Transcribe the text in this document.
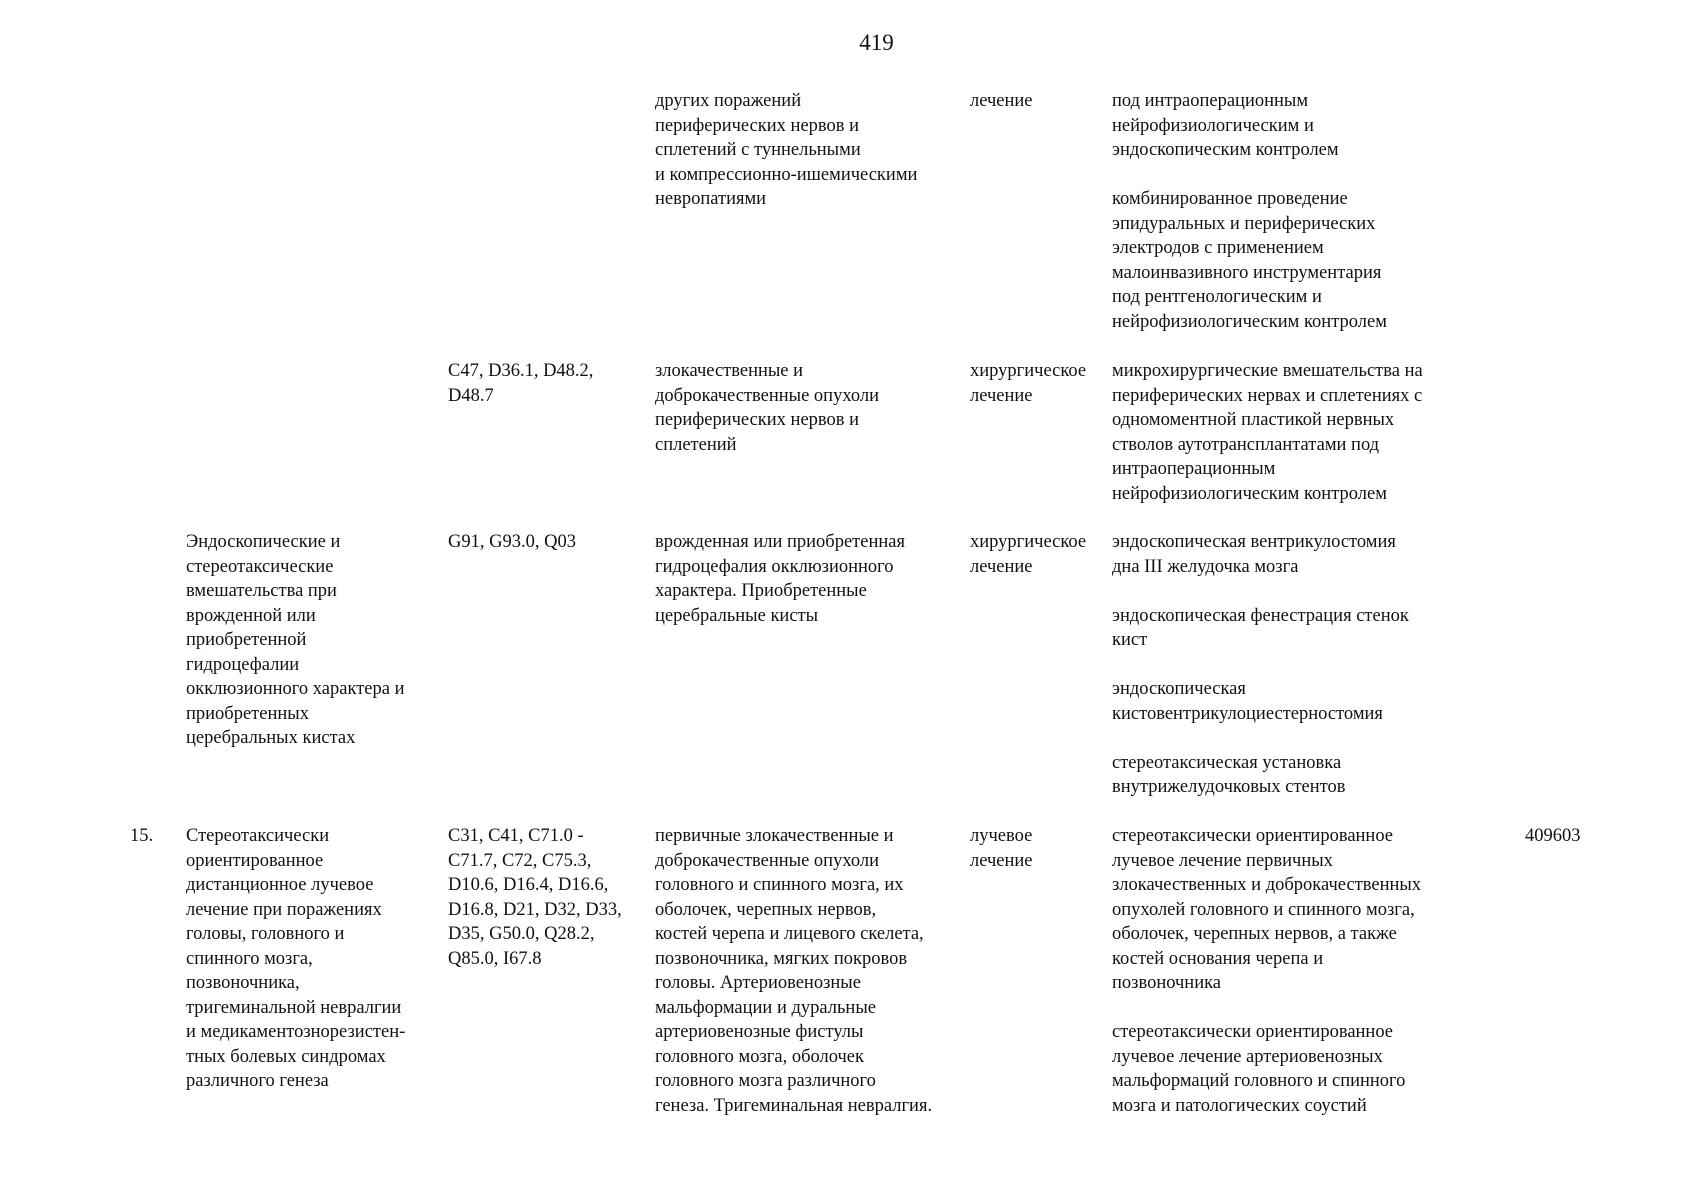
419
других поражений
периферических нервов и
сплетений с туннельными
и компрессионно-ишемическими
невропатиями
лечение	под интраоперационным
нейрофизиологическим и
эндоскопическим контролем
комбинированное проведение
эпидуральных и периферических
электродов с применением
малоинвазивного инструментария
под рентгенологическим и
нейрофизиологическим контролем
C47, D36.1, D48.2,
D48.7
злокачественные и
доброкачественные опухоли
периферических нервов и
сплетений
хирургическое
лечение
микрохирургические вмешательства на
периферических нервах и сплетениях с
одномоментной пластикой нервных
стволов аутотрансплантатами под
интраоперационным
нейрофизиологическим контролем
Эндоскопические и
стереотаксические
вмешательства при
врожденной или
приобретенной
гидроцефалии
окклюзионного характера и
приобретенных
церебральных кистах
G91, G93.0, Q03	врожденная или приобретенная
гидроцефалия окклюзионного
характера. Приобретенные
церебральные кисты
хирургическое
лечение
эндоскопическая вентрикулостомия
дна III желудочка мозга
эндоскопическая фенестрация стенок
кист
эндоскопическая
кистовентрикулоциестерностомия
стереотаксическая установка
внутрижелудочковых стентов
15. Стереотаксически
ориентированное
дистанционное лучевое
лечение при поражениях
головы, головного и
спинного мозга,
позвоночника,
тригеминальной невралгии
и медикаментознорезистен-
тных болевых синдромах
различного генеза
C31, C41, C71.0 -
C71.7, C72, C75.3,
D10.6, D16.4, D16.6,
D16.8, D21, D32, D33,
D35, G50.0, Q28.2,
Q85.0, I67.8
первичные злокачественные и
доброкачественные опухоли
головного и спинного мозга, их
оболочек, черепных нервов,
костей черепа и лицевого скелета,
позвоночника, мягких покровов
головы. Артериовенозные
мальформации и дуральные
артериовенозные фистулы
головного мозга, оболочек
головного мозга различного
генеза. Тригеминальная невралгия.
лучевое
лечение
стереотаксически ориентированное
лучевое лечение первичных
злокачественных и доброкачественных
опухолей головного и спинного мозга,
оболочек, черепных нервов, а также
костей основания черепа и
позвоночника
стереотаксически ориентированное
лучевое лечение артериовенозных
мальформаций головного и спинного
мозга и патологических соустий
409603
